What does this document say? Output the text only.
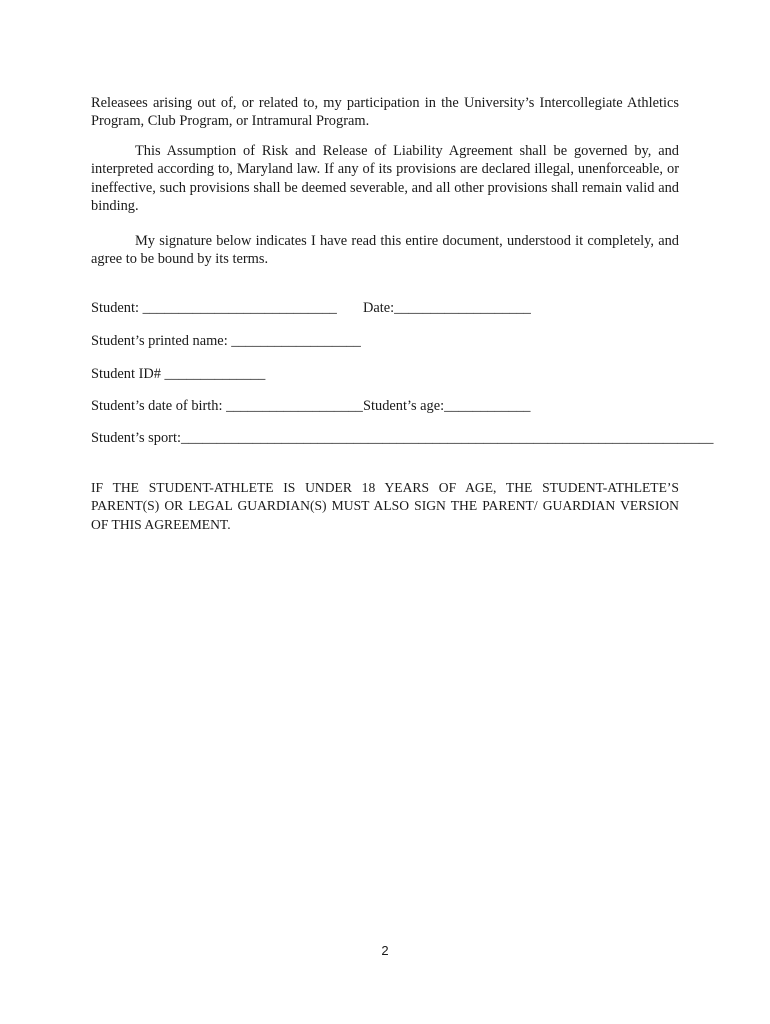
Releasees arising out of, or related to, my participation in the University’s Intercollegiate Athletics Program, Club Program, or Intramural Program.

This Assumption of Risk and Release of Liability Agreement shall be governed by, and interpreted according to, Maryland law. If any of its provisions are declared illegal, unenforceable, or ineffective, such provisions shall be deemed severable, and all other provisions shall remain valid and binding.

My signature below indicates I have read this entire document, understood it completely, and agree to be bound by its terms.

Student: ___________________________ Date:___________________

Student’s printed name: __________________

Student ID# ______________

Student’s date of birth: ___________________ Student’s age:____________

Student’s sport:__________________________________________________________________________

IF THE STUDENT-ATHLETE IS UNDER 18 YEARS OF AGE, THE STUDENT-ATHLETE’S PARENT(S) OR LEGAL GUARDIAN(S) MUST ALSO SIGN THE PARENT/ GUARDIAN VERSION OF THIS AGREEMENT.

2
